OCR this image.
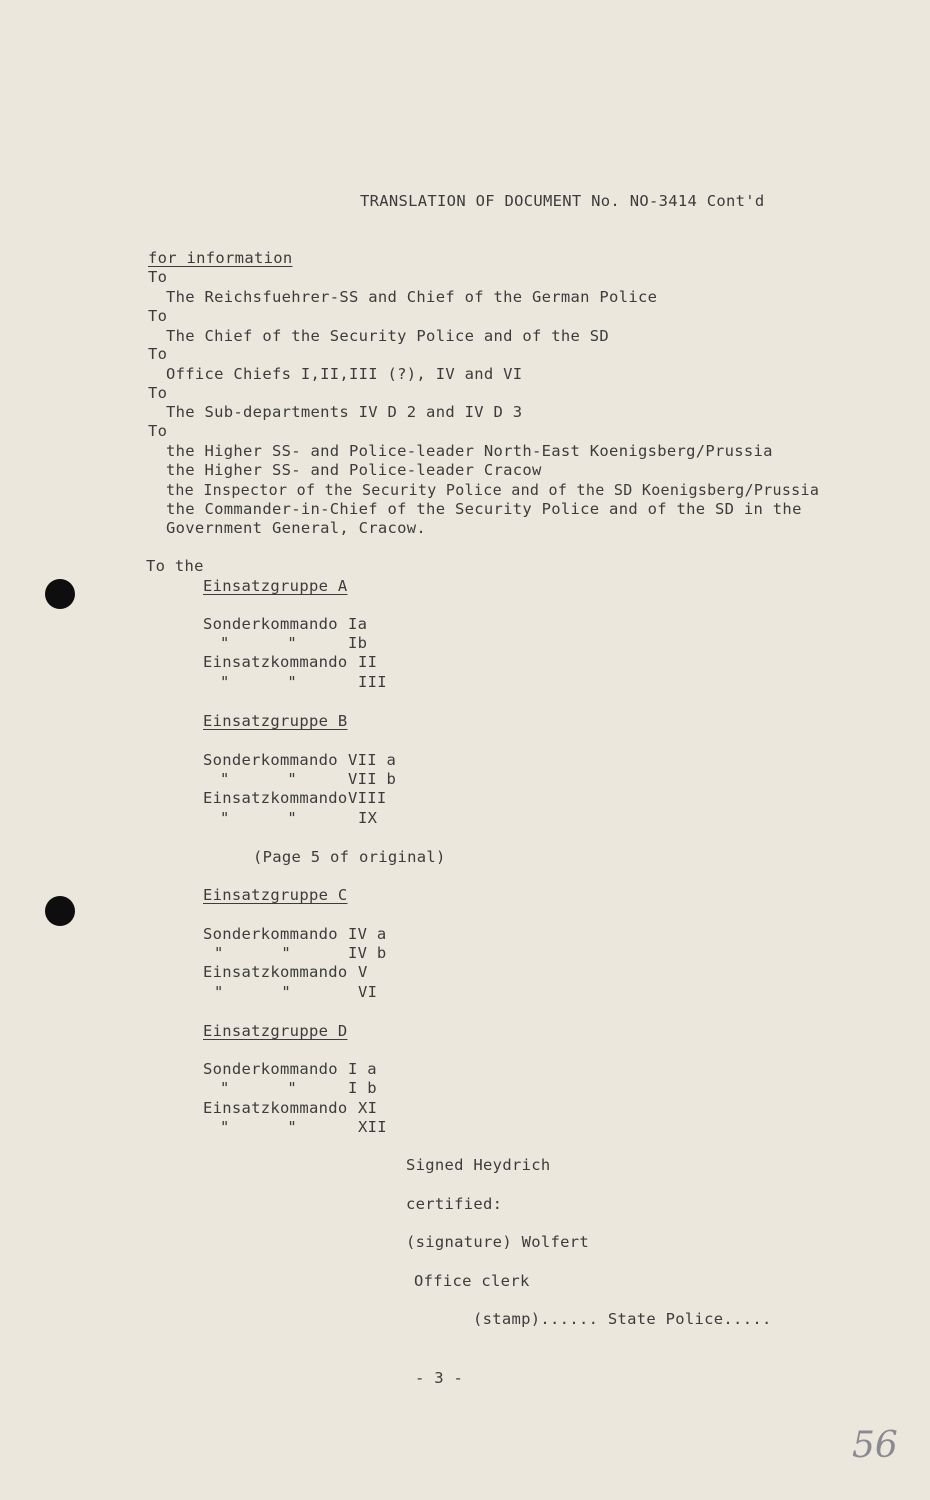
TRANSLATION OF DOCUMENT No. NO-3414 Cont'd
for information
To
The Reichsfuehrer-SS and Chief of the German Police
To
The Chief of the Security Police and of the SD
To
Office Chiefs I,II,III (?), IV and VI
To
The Sub-departments IV D 2 and IV D 3
To
the Higher SS- and Police-leader North-East Koenigsberg/Prussia
the Higher SS- and Police-leader Cracow
the Inspector of the Security Police and of the SD Koenigsberg/Prussia
the Commander-in-Chief of the Security Police and of the SD in the
Government General, Cracow.
To the
Einsatzgruppe A
Sonderkommando Ia
"      "	Ib
Einsatzkommando II
"      "	III
Einsatzgruppe B
Sonderkommando VII a
"      "	VII b
Einsatzkommando VIII
"      "	IX
(Page 5 of original)
Einsatzgruppe C
Sonderkommando IV a
"      "	IV b
Einsatzkommando V
"      "	VI
Einsatzgruppe D
Sonderkommando I a
"      "	I b
Einsatzkommando XI
"      "	XII
Signed Heydrich
certified:
(signature) Wolfert
Office clerk
(stamp)...... State Police.....
- 3 -
56
